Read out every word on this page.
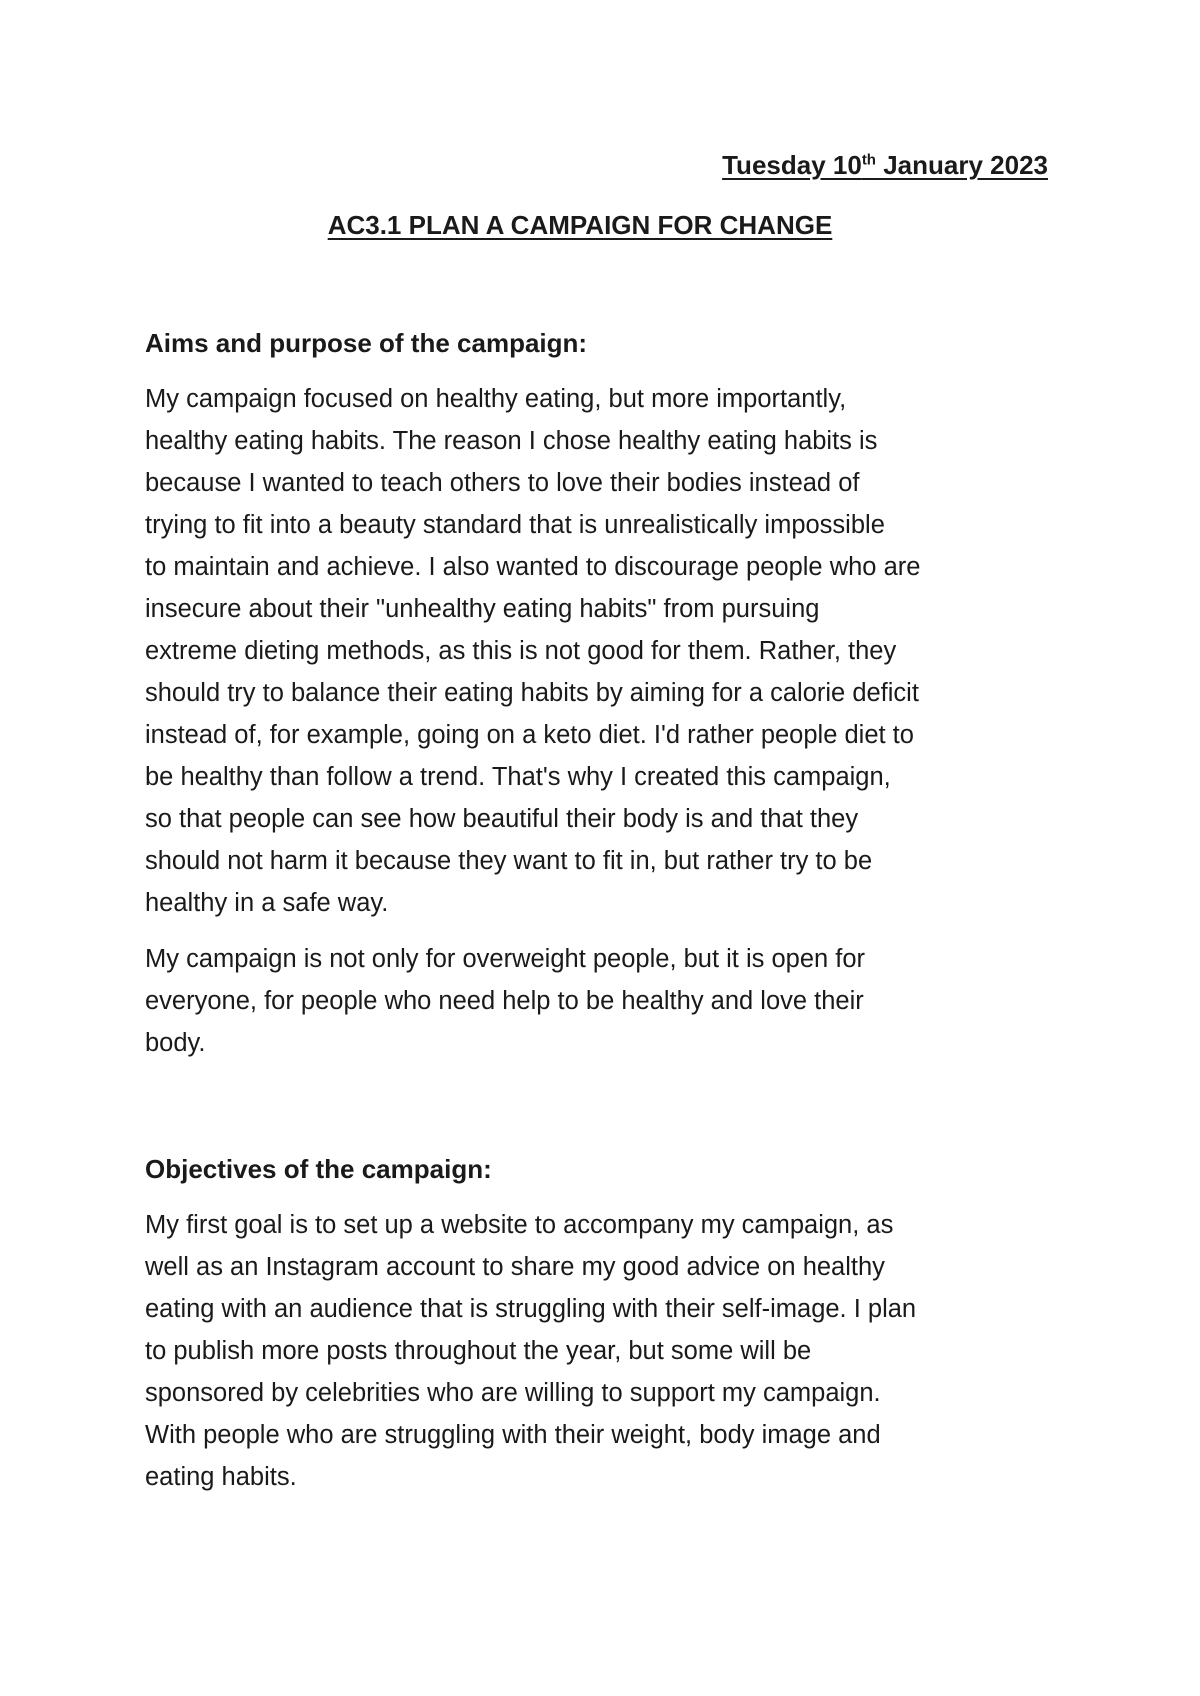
Tuesday 10th January 2023
AC3.1 PLAN A CAMPAIGN FOR CHANGE
Aims and purpose of the campaign:

My campaign focused on healthy eating, but more importantly,
healthy eating habits. The reason I chose healthy eating habits is
because I wanted to teach others to love their bodies instead of
trying to fit into a beauty standard that is unrealistically impossible
to maintain and achieve. I also wanted to discourage people who are
insecure about their "unhealthy eating habits" from pursuing
extreme dieting methods, as this is not good for them. Rather, they
should try to balance their eating habits by aiming for a calorie deficit
instead of, for example, going on a keto diet. I'd rather people diet to
be healthy than follow a trend. That's why I created this campaign,
so that people can see how beautiful their body is and that they
should not harm it because they want to fit in, but rather try to be
healthy in a safe way.

My campaign is not only for overweight people, but it is open for
everyone, for people who need help to be healthy and love their
body.

Objectives of the campaign:

My first goal is to set up a website to accompany my campaign, as
well as an Instagram account to share my good advice on healthy
eating with an audience that is struggling with their self-image. I plan
to publish more posts throughout the year, but some will be
sponsored by celebrities who are willing to support my campaign.
With people who are struggling with their weight, body image and
eating habits.
